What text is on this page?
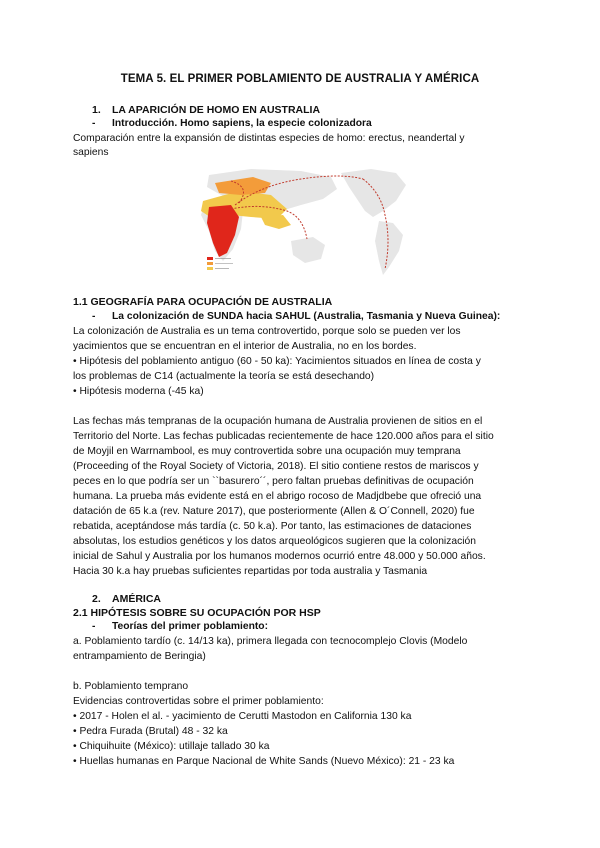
TEMA 5. EL PRIMER POBLAMIENTO DE AUSTRALIA Y AMÉRICA
1. LA APARICIÓN DE HOMO EN AUSTRALIA
- Introducción. Homo sapiens, la especie colonizadora
Comparación entre la expansión de distintas especies de homo: erectus, neandertal y
sapiens
1.1 GEOGRAFÍA PARA OCUPACIÓN DE AUSTRALIA
- La colonización de SUNDA hacia SAHUL (Australia, Tasmania y Nueva Guinea):
La colonización de Australia es un tema controvertido, porque solo se pueden ver los
yacimientos que se encuentran en el interior de Australia, no en los bordes.
• Hipótesis del poblamiento antiguo (60 - 50 ka): Yacimientos situados en línea de costa y
los problemas de C14 (actualmente la teoría se está desechando)
• Hipótesis moderna (-45 ka)
Las fechas más tempranas de la ocupación humana de Australia provienen de sitios en el
Territorio del Norte. Las fechas publicadas recientemente de hace 120.000 años para el sitio
de Moyjil en Warrnambool, es muy controvertida sobre una ocupación muy temprana
(Proceeding of the Royal Society of Victoria, 2018). El sitio contiene restos de mariscos y
peces en lo que podría ser un ``basurero´´, pero faltan pruebas definitivas de ocupación
humana. La prueba más evidente está en el abrigo rocoso de Madjdbebe que ofreció una
datación de 65 k.a (rev. Nature 2017), que posteriormente (Allen & O´Connell, 2020) fue
rebatida, aceptándose más tardía (c. 50 k.a). Por tanto, las estimaciones de dataciones
absolutas, los estudios genéticos y los datos arqueológicos sugieren que la colonización
inicial de Sahul y Australia por los humanos modernos ocurrió entre 48.000 y 50.000 años.
Hacia 30 k.a hay pruebas suficientes repartidas por toda australia y Tasmania
2. AMÉRICA
2.1 HIPÓTESIS SOBRE SU OCUPACIÓN POR HSP
- Teorías del primer poblamiento:
a. Poblamiento tardío (c. 14/13 ka), primera llegada con tecnocomplejo Clovis (Modelo
entrampamiento de Beringia)
b. Poblamiento temprano
Evidencias controvertidas sobre el primer poblamiento:
• 2017 - Holen el al. - yacimiento de Cerutti Mastodon en California 130 ka
• Pedra Furada (Brutal) 48 - 32 ka
• Chiquihuite (México): utillaje tallado 30 ka
• Huellas humanas en Parque Nacional de White Sands (Nuevo México): 21 - 23 ka
